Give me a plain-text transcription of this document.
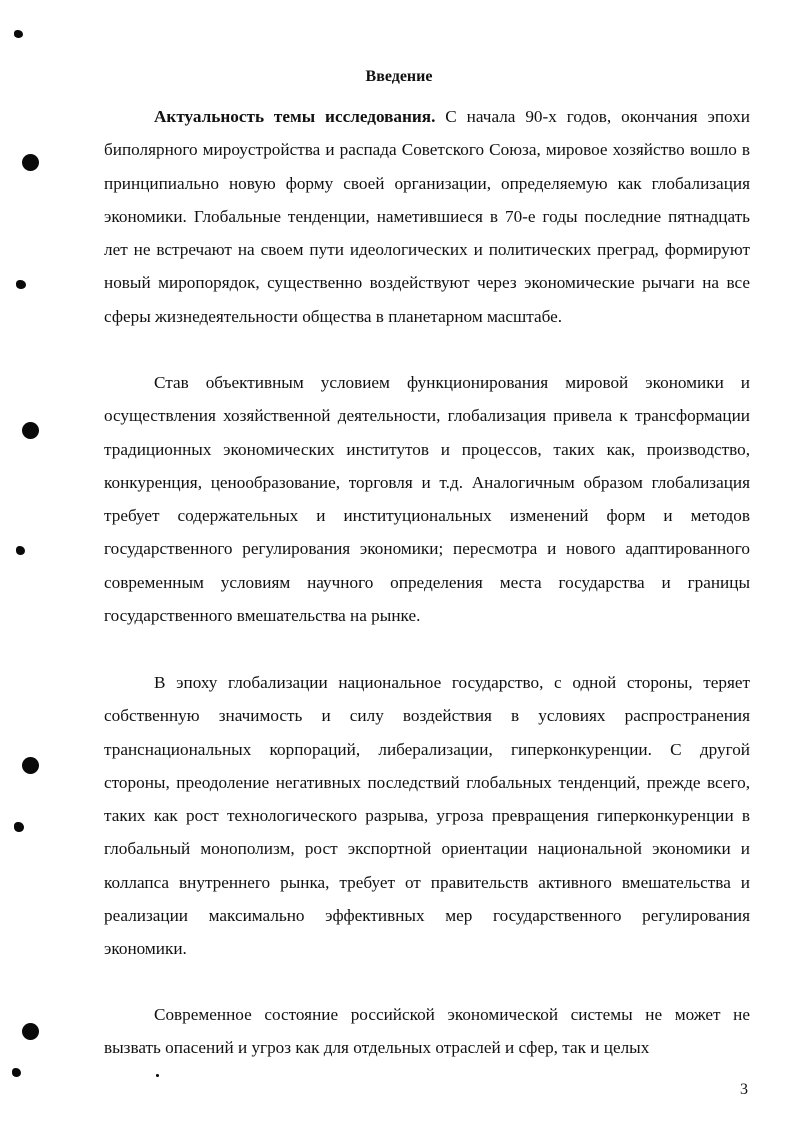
Введение

Актуальность темы исследования. С начала 90-х годов, окончания эпохи биполярного мироустройства и распада Советского Союза, мировое хозяйство вошло в принципиально новую форму своей организации, определяемую как глобализация экономики. Глобальные тенденции, наметившиеся в 70-е годы последние пятнадцать лет не встречают на своем пути идеологических и политических преград, формируют новый миропорядок, существенно воздействуют через экономические рычаги на все сферы жизнедеятельности общества в планетарном масштабе.

Став объективным условием функционирования мировой экономики и осуществления хозяйственной деятельности, глобализация привела к трансформации традиционных экономических институтов и процессов, таких как, производство, конкуренция, ценообразование, торговля и т.д. Аналогичным образом глобализация требует содержательных и институциональных изменений форм и методов государственного регулирования экономики; пересмотра и нового адаптированного современным условиям научного определения места государства и границы государственного вмешательства на рынке.

В эпоху глобализации национальное государство, с одной стороны, теряет собственную значимость и силу воздействия в условиях распространения транснациональных корпораций, либерализации, гиперконкуренции. С другой стороны, преодоление негативных последствий глобальных тенденций, прежде всего, таких как рост технологического разрыва, угроза превращения гиперконкуренции в глобальный монополизм, рост экспортной ориентации национальной экономики и коллапса внутреннего рынка, требует от правительств активного вмешательства и реализации максимально эффективных мер государственного регулирования экономики.

Современное состояние российской экономической системы не может не вызвать опасений и угроз как для отдельных отраслей и сфер, так и целых

3
